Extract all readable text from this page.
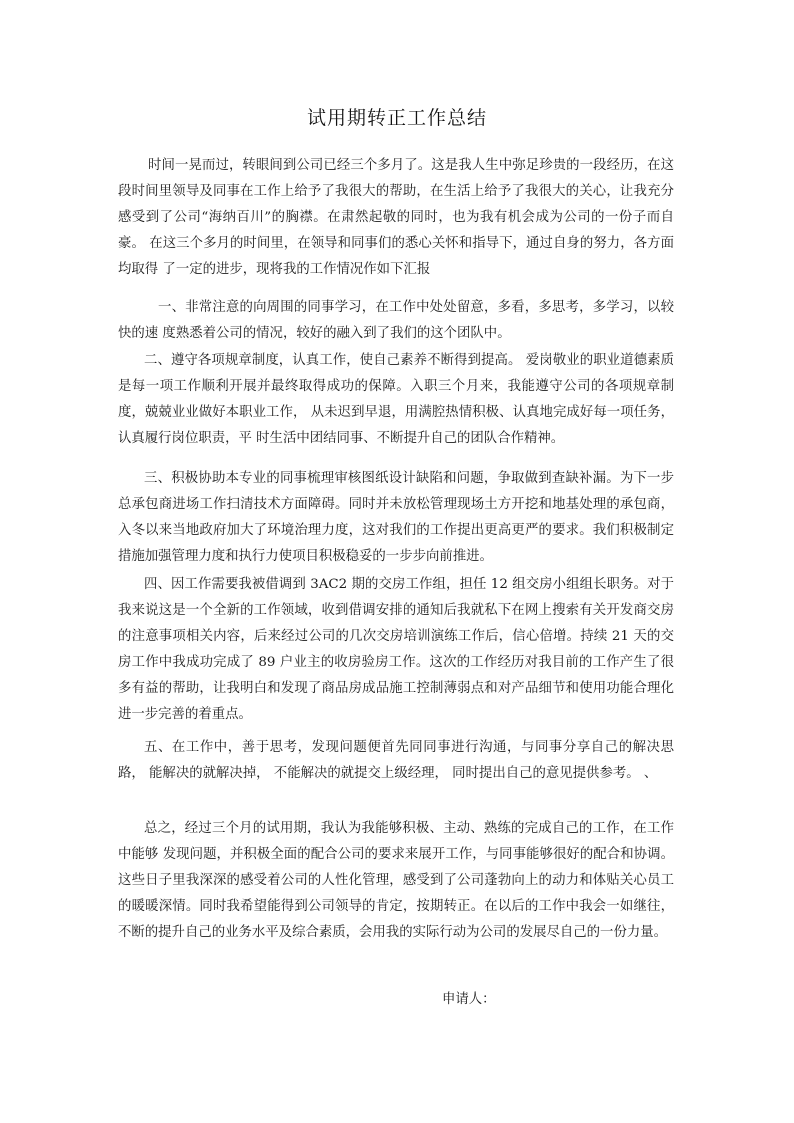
试用期转正工作总结

时间一晃而过，转眼间到公司已经三个多月了。这是我人生中弥足珍贵的一段经历，在这段时间里领导及同事在工作上给予了我很大的帮助，在生活上给予了我很大的关心，让我充分感受到了公司“海纳百川”的胸襟。在肃然起敬的同时，也为我有机会成为公司的一份子而自豪。 在这三个多月的时间里，在领导和同事们的悉心关怀和指导下，通过自身的努力，各方面均取得 了一定的进步，现将我的工作情况作如下汇报

一、非常注意的向周围的同事学习，在工作中处处留意，多看，多思考，多学习，以较快的速 度熟悉着公司的情况，较好的融入到了我们的这个团队中。

二、遵守各项规章制度，认真工作，使自己素养不断得到提高。 爱岗敬业的职业道德素质是每一项工作顺利开展并最终取得成功的保障。入职三个月来，我能遵守公司的各项规章制度，兢兢业业做好本职业工作， 从未迟到早退，用满腔热情积极、认真地完成好每一项任务，认真履行岗位职责，平 时生活中团结同事、不断提升自己的团队合作精神。

三、积极协助本专业的同事梳理审核图纸设计缺陷和问题，争取做到查缺补漏。为下一步总承包商进场工作扫清技术方面障碍。同时并未放松管理现场土方开挖和地基处理的承包商，入冬以来当地政府加大了环境治理力度，这对我们的工作提出更高更严的要求。我们积极制定措施加强管理力度和执行力使项目积极稳妥的一步步向前推进。

四、因工作需要我被借调到 3AC2 期的交房工作组，担任 12 组交房小组组长职务。对于我来说这是一个全新的工作领域，收到借调安排的通知后我就私下在网上搜索有关开发商交房的注意事项相关内容，后来经过公司的几次交房培训演练工作后，信心倍增。持续 21 天的交房工作中我成功完成了 89 户业主的收房验房工作。这次的工作经历对我目前的工作产生了很多有益的帮助，让我明白和发现了商品房成品施工控制薄弱点和对产品细节和使用功能合理化进一步完善的着重点。

五、在工作中，善于思考，发现问题便首先同同事进行沟通，与同事分享自己的解决思路， 能解决的就解决掉， 不能解决的就提交上级经理， 同时提出自己的意见提供参考。 、

总之，经过三个月的试用期，我认为我能够积极、主动、熟练的完成自己的工作，在工作中能够 发现问题，并积极全面的配合公司的要求来展开工作，与同事能够很好的配合和协调。这些日子里我深深的感受着公司的人性化管理，感受到了公司蓬勃向上的动力和体贴关心员工的暖暖深情。同时我希望能得到公司领导的肯定，按期转正。在以后的工作中我会一如继往，不断的提升自己的业务水平及综合素质，会用我的实际行动为公司的发展尽自己的一份力量。

申请人：
